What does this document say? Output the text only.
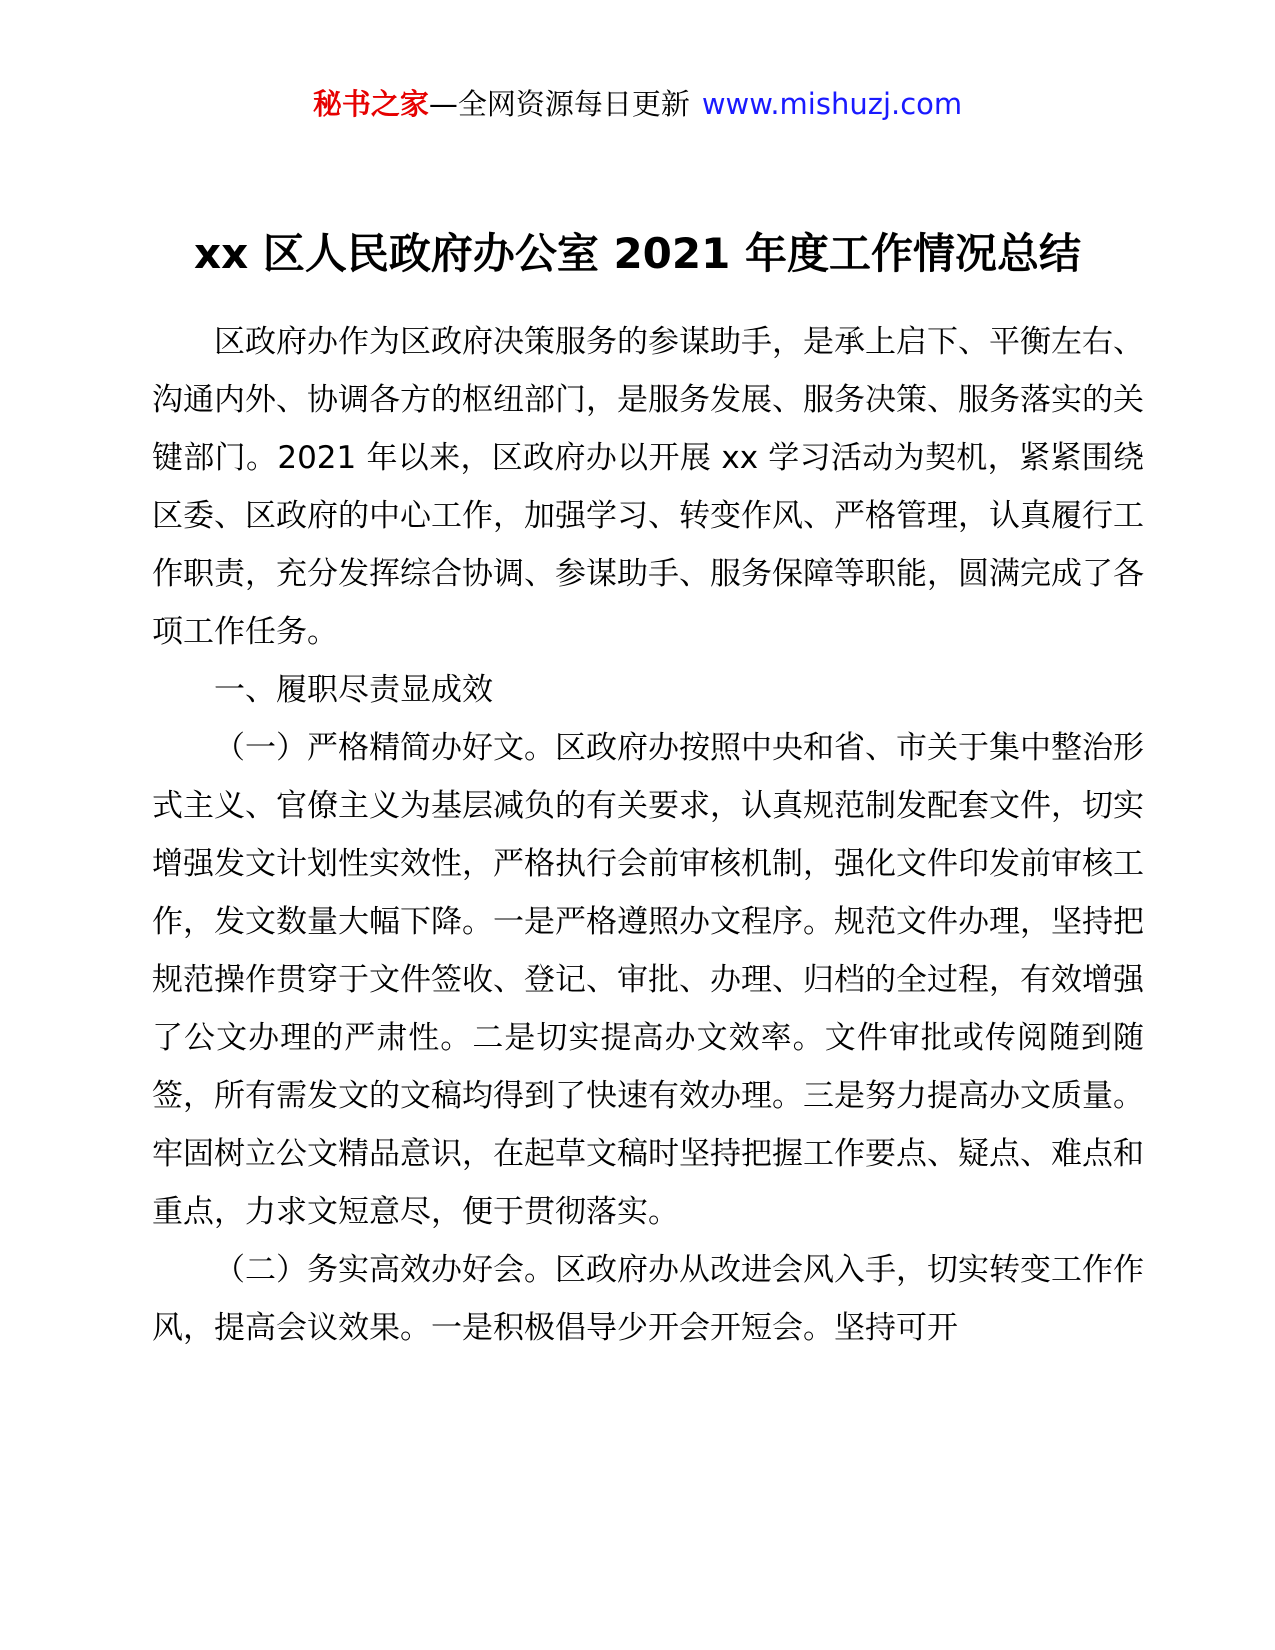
秘书之家—全网资源每日更新 www.mishuzj.com
xx 区人民政府办公室 2021 年度工作情况总结

区政府办作为区政府决策服务的参谋助手，是承上启下、平衡左右、沟通内外、协调各方的枢纽部门，是服务发展、服务决策、服务落实的关键部门。2021 年以来，区政府办以开展 xx 学习活动为契机，紧紧围绕区委、区政府的中心工作，加强学习、转变作风、严格管理，认真履行工作职责，充分发挥综合协调、参谋助手、服务保障等职能，圆满完成了各项工作任务。

一、履职尽责显成效

（一）严格精简办好文。区政府办按照中央和省、市关于集中整治形式主义、官僚主义为基层减负的有关要求，认真规范制发配套文件，切实增强发文计划性实效性，严格执行会前审核机制，强化文件印发前审核工作，发文数量大幅下降。一是严格遵照办文程序。规范文件办理，坚持把规范操作贯穿于文件签收、登记、审批、办理、归档的全过程，有效增强了公文办理的严肃性。二是切实提高办文效率。文件审批或传阅随到随签，所有需发文的文稿均得到了快速有效办理。三是努力提高办文质量。牢固树立公文精品意识，在起草文稿时坚持把握工作要点、疑点、难点和重点，力求文短意尽，便于贯彻落实。

（二）务实高效办好会。区政府办从改进会风入手，切实转变工作作风，提高会议效果。一是积极倡导少开会开短会。坚持可开
